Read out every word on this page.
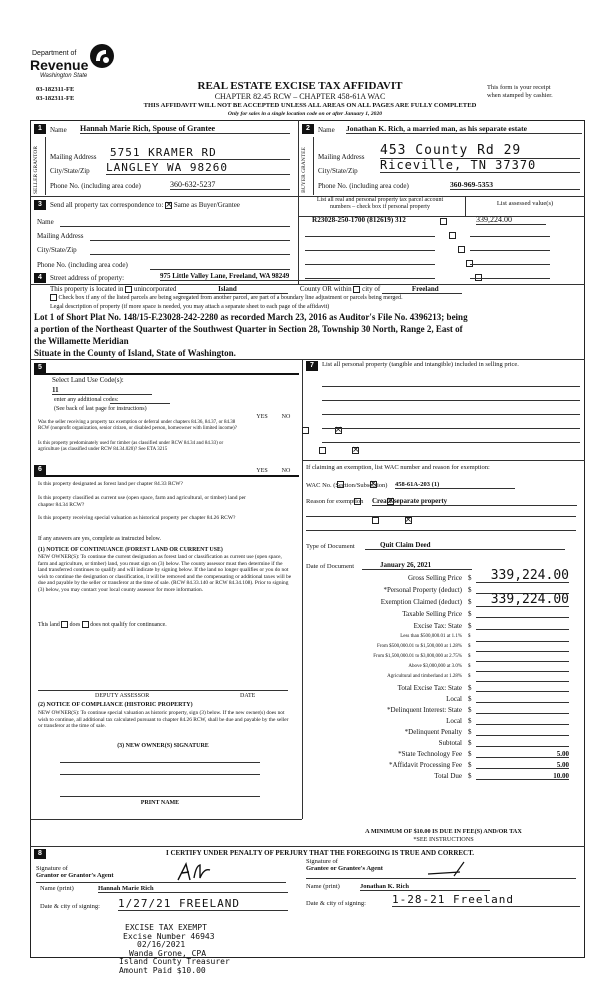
Department of
Revenue
Washington State
03-182311-FE
03-182311-FE
REAL ESTATE EXCISE TAX AFFIDAVIT
CHAPTER 82.45 RCW – CHAPTER 458-61A WAC
THIS AFFIDAVIT WILL NOT BE ACCEPTED UNLESS ALL AREAS ON ALL PAGES ARE FULLY COMPLETED
Only for sales in a single location code on or after January 1, 2020
This form is your receipt
when stamped by cashier.
1
SELLER GRANTOR
Name Hannah Marie Rich, Spouse of Grantee
Mailing Address 5751 KRAMER RD
City/State/Zip LANGLEY WA 98260
Phone No. (including area code)	360-632-5237
2
BUYER GRANTEE
Name Jonathan K. Rich, a married man, as his separate estate
Mailing Address 453 County Rd 29
City/State/Zip Riceville, TN 37370
Phone No. (including area code)	360-969-5353
3	Send all property tax correspondence to: × Same as Buyer/Grantee
Name
Mailing Address
City/State/Zip
Phone No. (including area code)
List all real and personal property tax parcel account
numbers – check box if personal property	List assessed value(s)
R23028-250-1700 (812619) 312
	339,224.00

4	Street address of property:	975 Little Valley Lane, Freeland, WA 98249
This property is located in unincorporated	Island	County OR within city of	Freeland
Check box if any of the listed parcels are being segregated from another parcel, are part of a boundary line adjustment or parcels being merged.
Legal description of property (if more space is needed, you may attach a separate sheet to each page of the affidavit)
Lot 1 of Short Plat No. 148/15-F.23028-242-2280 as recorded March 23, 2016 as Auditor's File No. 4396213; being
a portion of the Northeast Quarter of the Southwest Quarter in Section 28, Township 30 North, Range 2, East of
the Willamette Meridian
Situate in the County of Island, State of Washington.
5
Select Land Use Code(s):
11
enter any additional codes:
(See back of last page for instructions)
YES	NO
Was the seller receiving a property tax exemption or deferral under chapters 84.36, 84.37, or 84.38 RCW (nonprofit organization, senior citizen, or disabled person, homeowner with limited income)?
×
Is this property predominately used for timber (as classified under RCW 84.34 and 84.33) or agriculture (as classified under RCW 84.34.020)? See ETA 3215
×
6	YES	NO
Is this property designated as forest land per chapter 84.33 RCW?
×
Is this property classified as current use (open space, farm and agricultural, or timber) land per chapter 84.34 RCW?
×
Is this property receiving special valuation as historical property per chapter 84.26 RCW?
×
If any answers are yes, complete as instructed below.
(1) NOTICE OF CONTINUANCE (FOREST LAND OR CURRENT USE)
NEW OWNER(S): To continue the current designation as forest land or classification as current use (open space, farm and agriculture, or timber) land, you must sign on (3) below. The county assessor must then determine if the land transferred continues to qualify and will indicate by signing below. If the land no longer qualifies or you do not wish to continue the designation or classification, it will be removed and the compensating or additional taxes will be due and payable by the seller or transferor at the time of sale. (RCW 84.33.140 or RCW 84.34.108). Prior to signing (3) below, you may contact your local county assessor for more information.
This land does does not qualify for continuance.
DEPUTY ASSESSOR	DATE
(2) NOTICE OF COMPLIANCE (HISTORIC PROPERTY)
NEW OWNER(S): To continue special valuation as historic property, sign (3) below. If the new owner(s) does not wish to continue, all additional tax calculated pursuant to chapter 84.26 RCW, shall be due and payable by the seller or transferor at the time of sale.
(3) NEW OWNER(S) SIGNATURE
PRINT NAME
7	List all personal property (tangible and intangible) included in selling price.
If claiming an exemption, list WAC number and reason for exemption:
WAC No. (Section/Subsection) 458-61A-203 (1)
Reason for exemption Create separate property
Type of Document	Quit Claim Deed
Date of Document	January 26, 2021
Gross Selling Price $	339,224.00
*Personal Property (deduct) $
Exemption Claimed (deduct) $	339,224.00
Taxable Selling Price $
Excise Tax: State $
Less than $500,000.01 at 1.1% $
From $500,000.01 to $1,500,000 at 1.28% $
From $1,500,000.01 to $3,000,000 at 2.75% $
Above $3,000,000 at 3.0% $
Agricultural and timberland at 1.28% $
Total Excise Tax: State $
Local $
*Delinquent Interest: State $
Local $
*Delinquent Penalty $
Subtotal $
*State Technology Fee $	5.00
*Affidavit Processing Fee $	5.00
Total Due $	10.00
A MINIMUM OF $10.00 IS DUE IN FEE(S) AND/OR TAX
*SEE INSTRUCTIONS
8	I CERTIFY UNDER PENALTY OF PERJURY THAT THE FOREGOING IS TRUE AND CORRECT.
Signature of
Grantor or Grantor's Agent
Name (print)	Hannah Marie Rich
Date & city of signing: 1/27/21 FREELAND
Signature of
Grantee or Grantee's Agent
Name (print)	Jonathan K. Rich
Date & city of signing: 1-28-21 Freeland
EXCISE TAX EXEMPT
Excise Number 46943
02/16/2021
Wanda Grone, CPA
Island County Treasurer
Amount Paid $10.00
